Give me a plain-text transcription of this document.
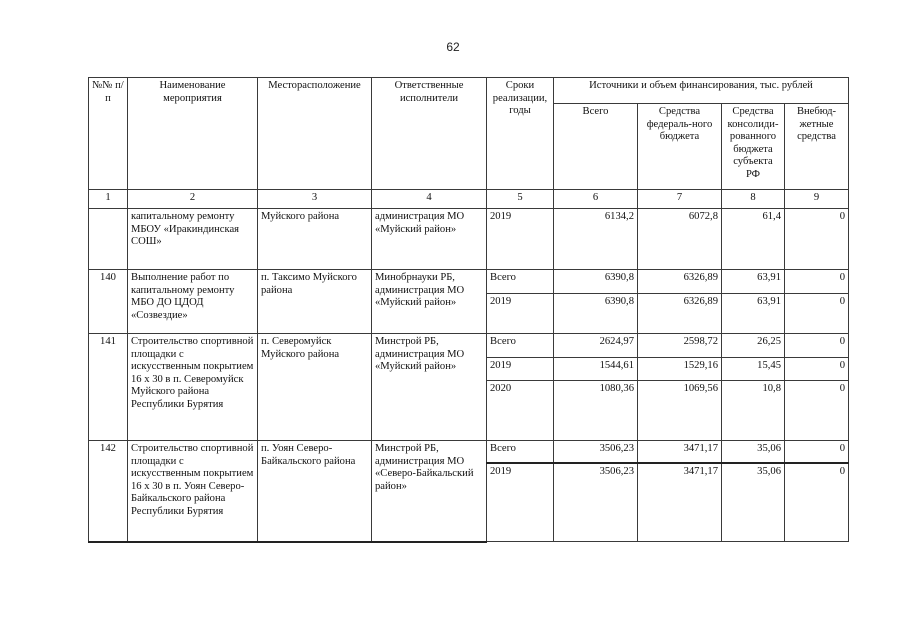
62
№№ п/п	Наименование мероприятия	Месторасположение	Ответственные исполнители	Сроки реализации, годы	Источники и объем финансирования, тыс. рублей			
					Всего	Средства федераль-ного бюджета	Средства консолиди-рованного бюджета субъекта РФ	Внебюд-жетные средства
1	2	3	4	5	6	7	8	9
	капитальному ремонту МБОУ «Иракиндинская СОШ»	Муйского района	администрация МО «Муйский район»	2019	6134,2	6072,8	61,4	0
140	Выполнение работ по капитальному ремонту МБО ДО ЦДОД «Созвездие»	п. Таксимо Муйского района	Минобрнауки РБ, администрация МО «Муйский район»	Всего	6390,8	6326,89	63,91	0
				2019	6390,8	6326,89	63,91	0
141	Строительство спортивной площадки с искусственным покрытием 16 х 30 в п. Северомуйск Муйского района Республики Бурятия	п. Северомуйск Муйского района	Минстрой РБ, администрация МО «Муйский район»	Всего	2624,97	2598,72	26,25	0
				2019	1544,61	1529,16	15,45	0
				2020	1080,36	1069,56	10,8	0
142	Строительство спортивной площадки с искусственным покрытием 16 х 30 в п. Уоян Северо-Байкальского района Республики Бурятия	п. Уоян Северо-Байкальского района	Минстрой РБ, администрация МО «Северо-Байкальский район»	Всего	3506,23	3471,17	35,06	0
				2019	3506,23	3471,17	35,06	0
